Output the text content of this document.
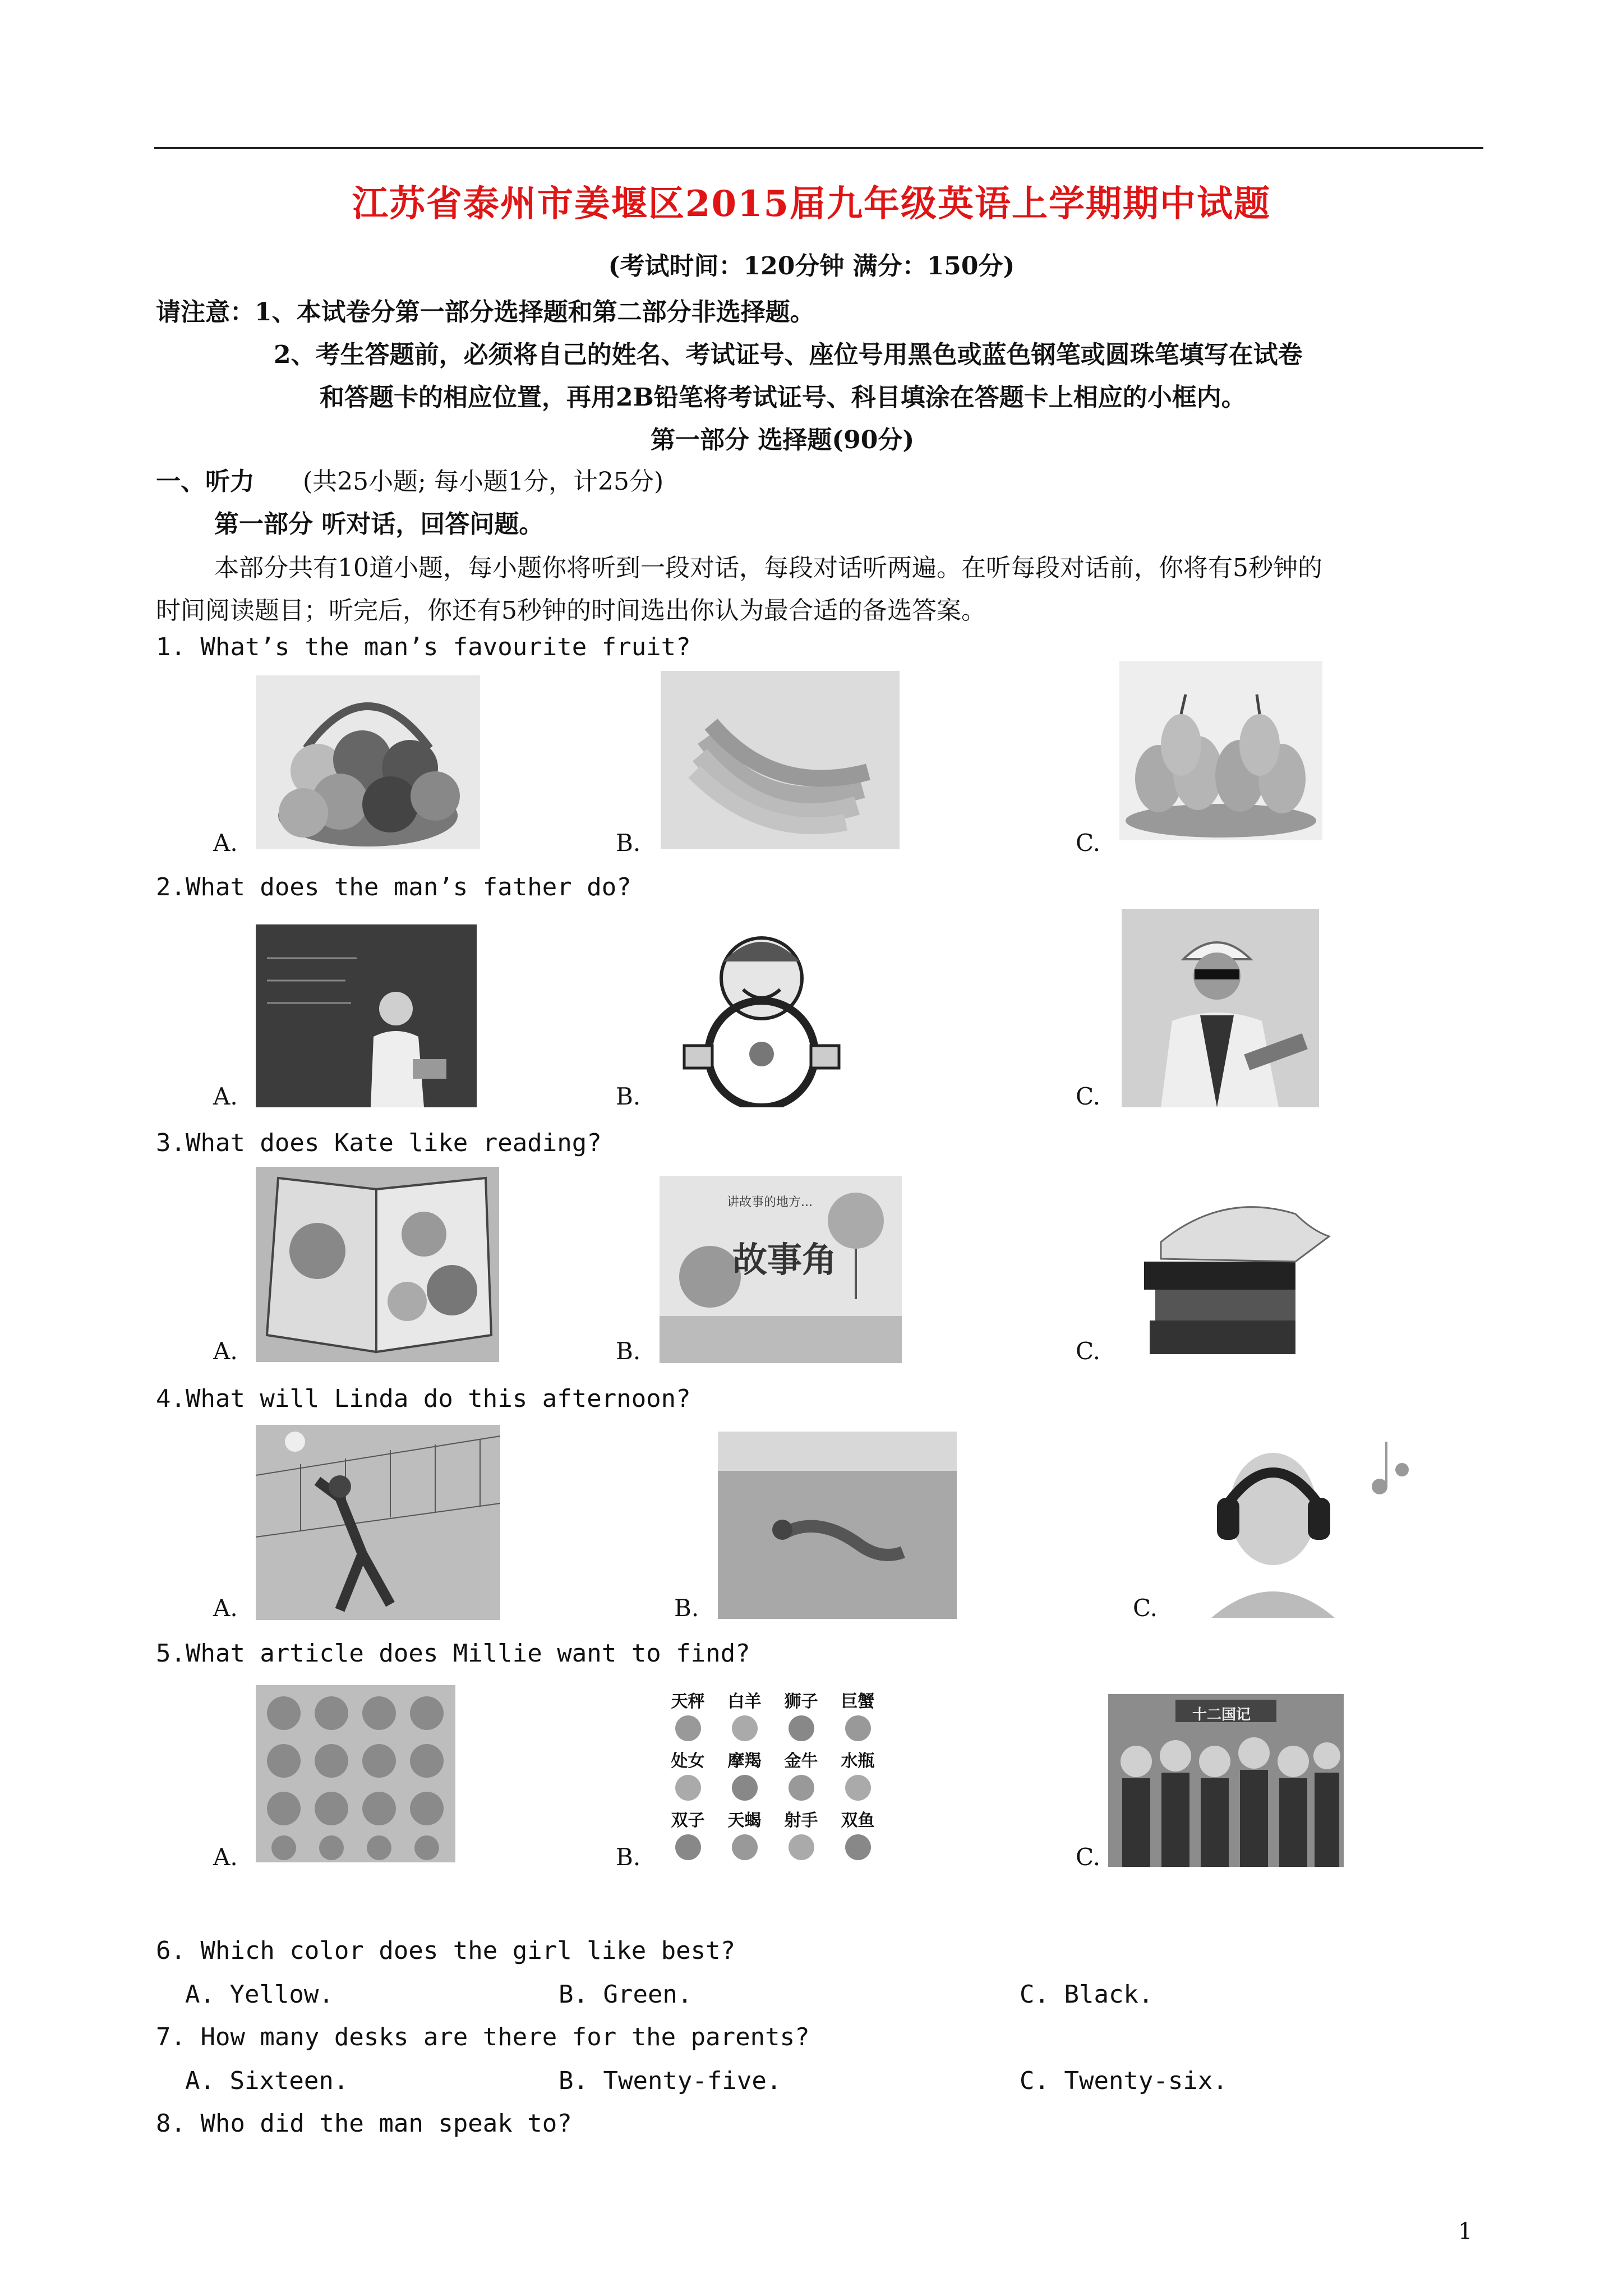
江苏省泰州市姜堰区2015届九年级英语上学期期中试题
(考试时间：120分钟 满分：150分)
请注意：1、本试卷分第一部分选择题和第二部分非选择题。
2、考生答题前，必须将自己的姓名、考试证号、座位号用黑色或蓝色钢笔或圆珠笔填写在试卷
和答题卡的相应位置，再用2B铅笔将考试证号、科目填涂在答题卡上相应的小框内。
第一部分 选择题(90分)
一、听力 (共25小题; 每小题1分，计25分)
第一部分 听对话，回答问题。
本部分共有10道小题，每小题你将听到一段对话，每段对话听两遍。在听每段对话前，你将有5秒钟的
时间阅读题目；听完后，你还有5秒钟的时间选出你认为最合适的备选答案。
1. What’s the man’s favourite fruit?
A.	B.	C.
2.What does the man’s father do?
A.	B.	C.
3.What does Kate like reading?
A.
故事角
讲故事的地方...
B.	C.
4.What will Linda do this afternoon?
A.	B.	C.
5.What article does Millie want to find?
A.
天秤	白羊	狮子	巨蟹
处女	摩羯	金牛	水瓶
双子	天蝎	射手	双鱼
B.
十二国记
C.
6. Which color does the girl like best?
A. Yellow.	B. Green.	C. Black.
7. How many desks are there for the parents?
A. Sixteen.	B. Twenty-five.	C. Twenty-six.
8. Who did the man speak to?
1
